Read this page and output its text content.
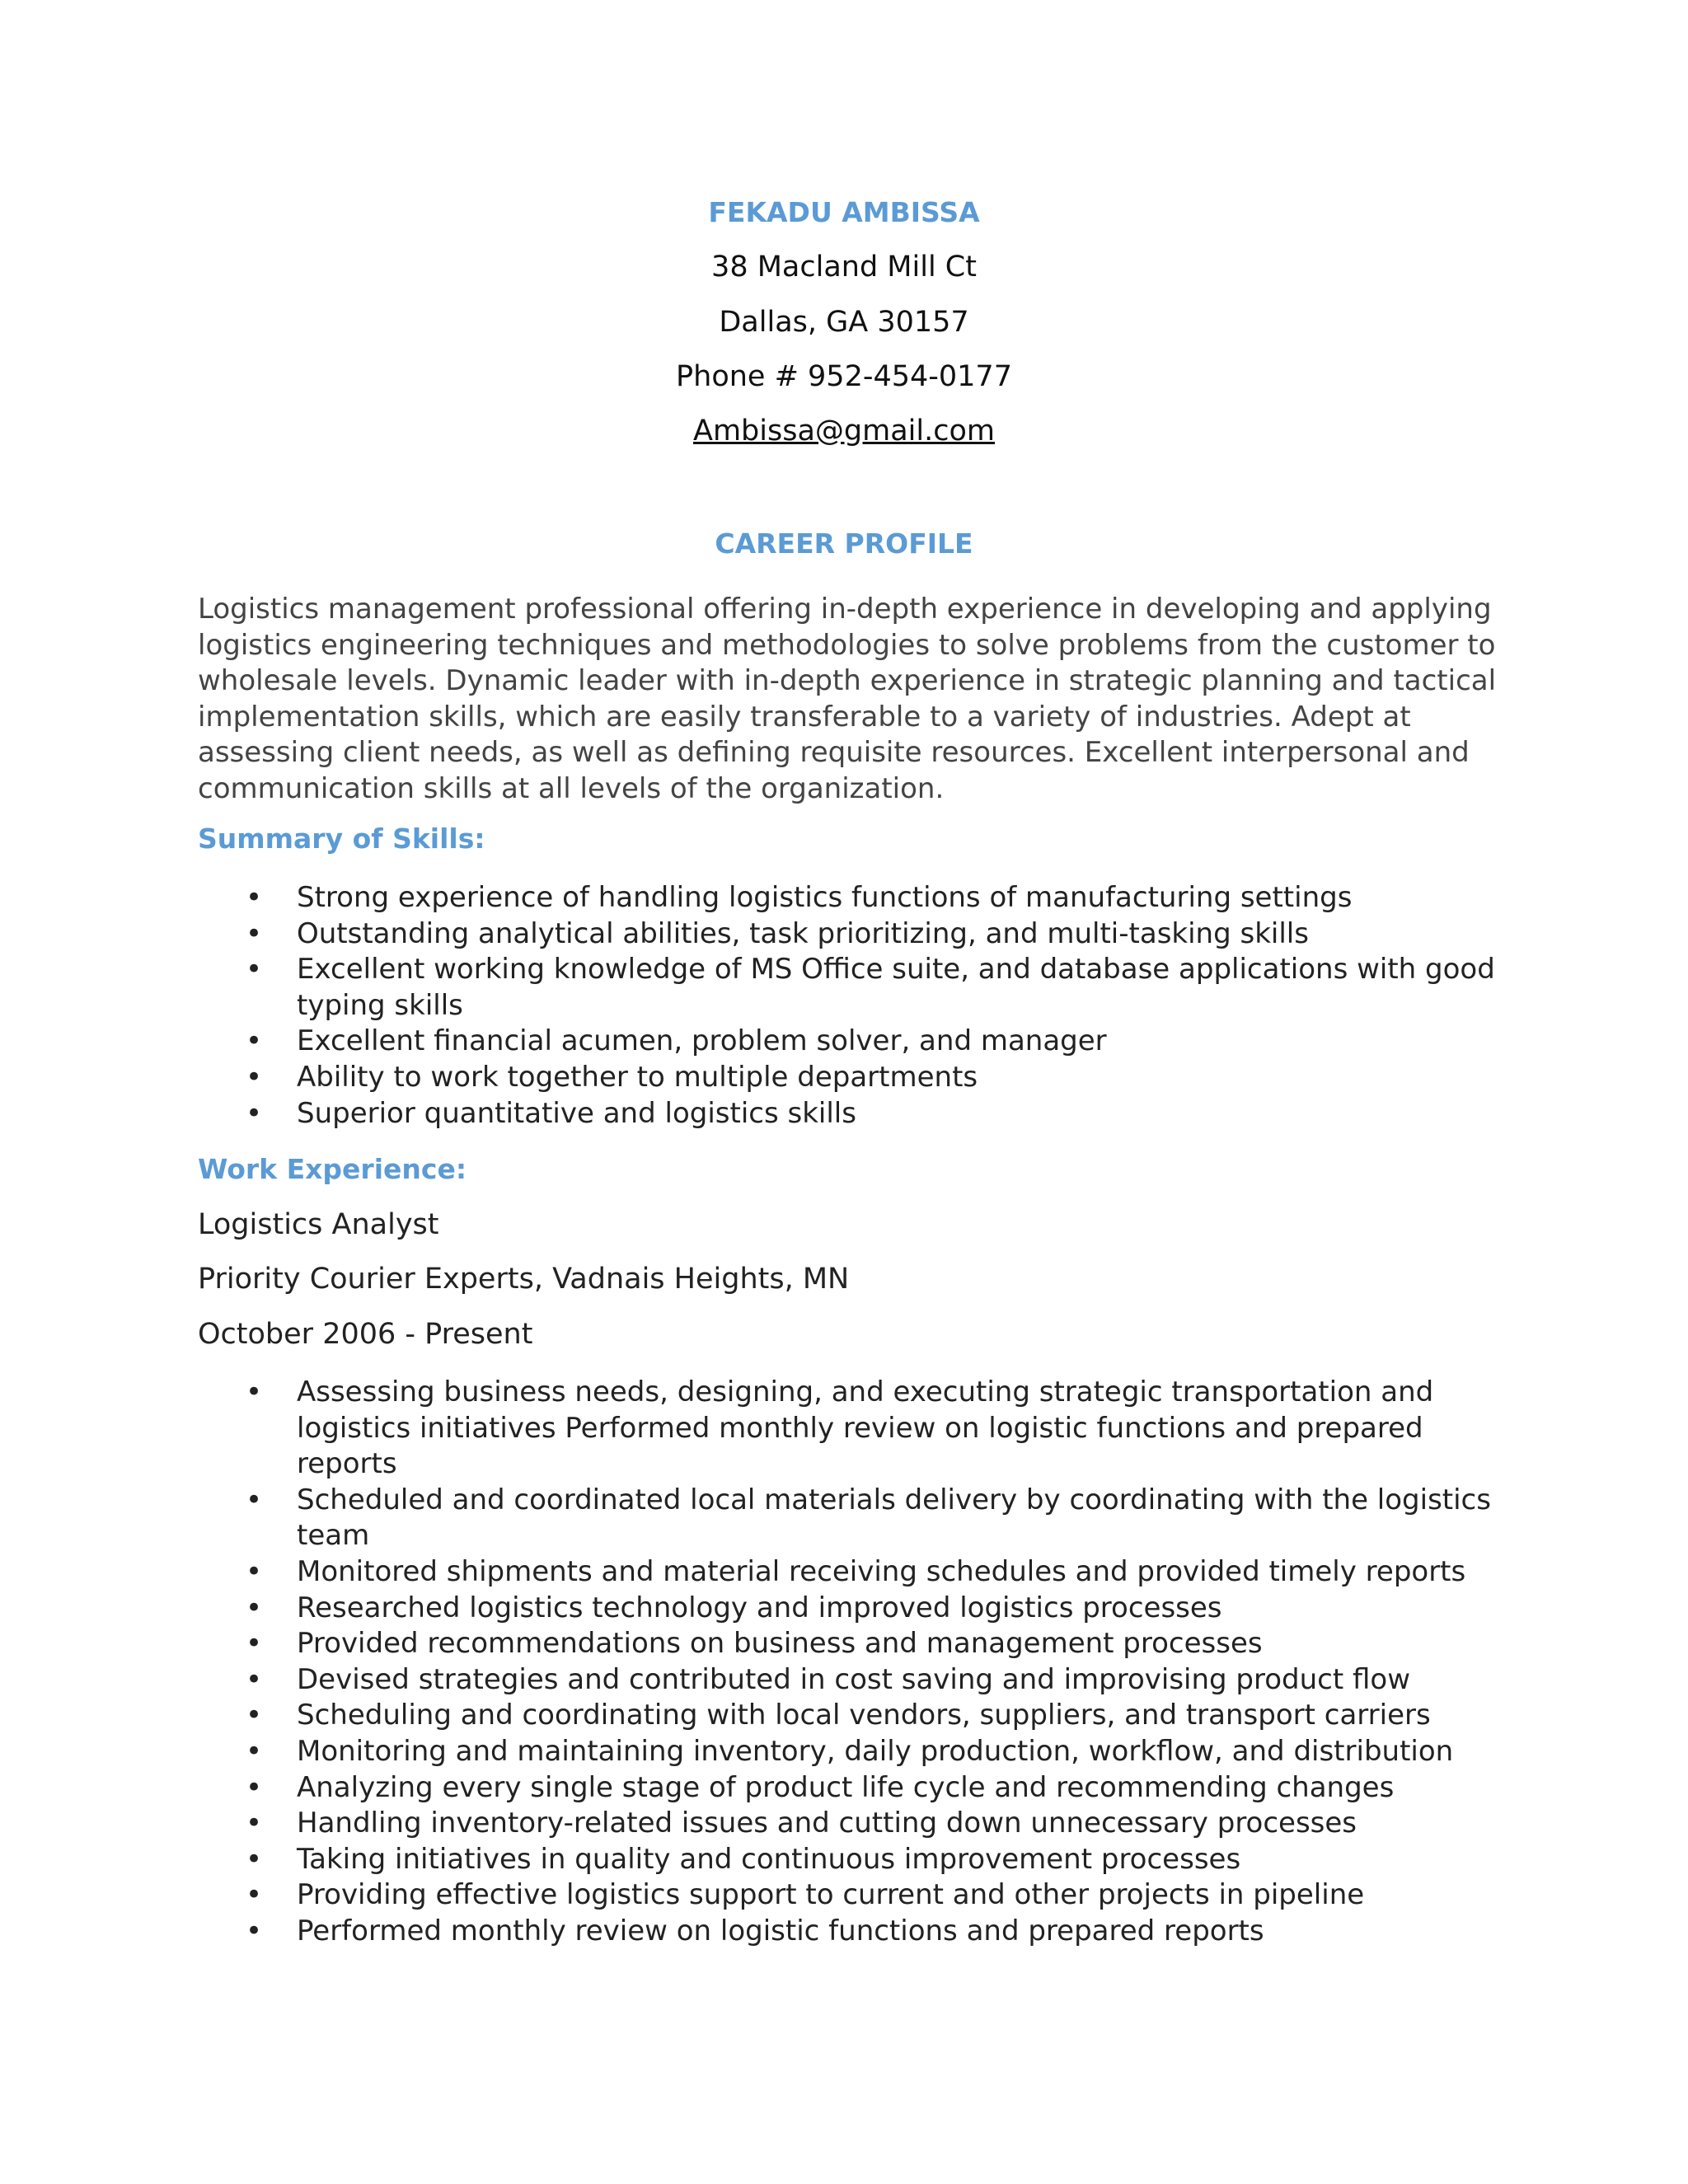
FEKADU AMBISSA
38 Macland Mill Ct
Dallas, GA 30157
Phone # 952-454-0177
Ambissa@gmail.com
CAREER PROFILE
Logistics management professional offering in-depth experience in developing and applying logistics engineering techniques and methodologies to solve problems from the customer to wholesale levels. Dynamic leader with in-depth experience in strategic planning and tactical implementation skills, which are easily transferable to a variety of industries. Adept at assessing client needs, as well as defining requisite resources. Excellent interpersonal and communication skills at all levels of the organization.
Summary of Skills:
• Strong experience of handling logistics functions of manufacturing settings
• Outstanding analytical abilities, task prioritizing, and multi-tasking skills
• Excellent working knowledge of MS Office suite, and database applications with good typing skills
• Excellent financial acumen, problem solver, and manager
• Ability to work together to multiple departments
• Superior quantitative and logistics skills
Work Experience:
Logistics Analyst
Priority Courier Experts, Vadnais Heights, MN
October 2006 - Present
• Assessing business needs, designing, and executing strategic transportation and logistics initiatives Performed monthly review on logistic functions and prepared reports
• Scheduled and coordinated local materials delivery by coordinating with the logistics team
• Monitored shipments and material receiving schedules and provided timely reports
• Researched logistics technology and improved logistics processes
• Provided recommendations on business and management processes
• Devised strategies and contributed in cost saving and improvising product flow
• Scheduling and coordinating with local vendors, suppliers, and transport carriers
• Monitoring and maintaining inventory, daily production, workflow, and distribution
• Analyzing every single stage of product life cycle and recommending changes
• Handling inventory-related issues and cutting down unnecessary processes
• Taking initiatives in quality and continuous improvement processes
• Providing effective logistics support to current and other projects in pipeline
• Performed monthly review on logistic functions and prepared reports
